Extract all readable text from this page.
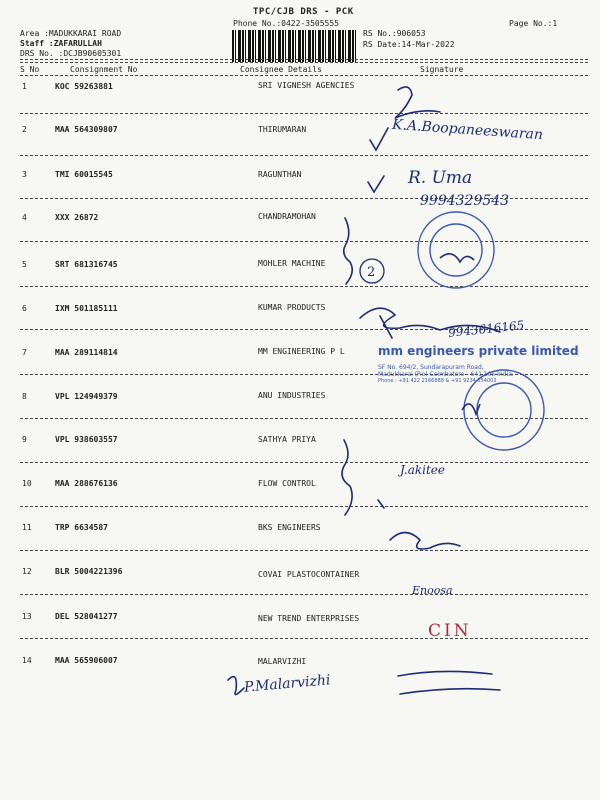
TPC/CJB DRS - PCK
Phone No.:0422-3505555	Page No.:1
Area :MADUKKARAI ROAD
Staff :ZAFARULLAH
DRS No. :DCJB90605301
RS No.:906053
RS Date:14-Mar-2022
S No	Consignment No	Consignee Details	Signature
1	KOC 59263881	SRI VIGNESH AGENCIES
2	MAA 564309807	THIRUMARAN
3	TMI 60015545	RAGUNTHAN
4	XXX 26872	CHANDRAMOHAN
5	SRT 681316745	MOHLER MACHINE
6	IXM 501185111	KUMAR PRODUCTS
7	MAA 289114814	MM ENGINEERING P L
8	VPL 124949379	ANU INDUSTRIES
9	VPL 938603557	SATHYA PRIYA
10	MAA 288676136	FLOW CONTROL
11	TRP 6634587	BKS ENGINEERS
12	BLR 5004221396	COVAI PLASTOCONTAINER
13	DEL 528041277	NEW TREND ENTERPRISES
14	MAA 565906007	MALARVIZHI
2
K.A.Boopaneeswaran
R. Uma
9994329543
9943616165
J.akitee
Enoosa
CIN
P.Malarvizhi
mm engineers private limited
SF No. 694/2, Sundarapuram Road,
Madukkarai (P.o) Coimbatore - 641 105 India.
Phone : +91 422 2166888 & +91 9234 554002
